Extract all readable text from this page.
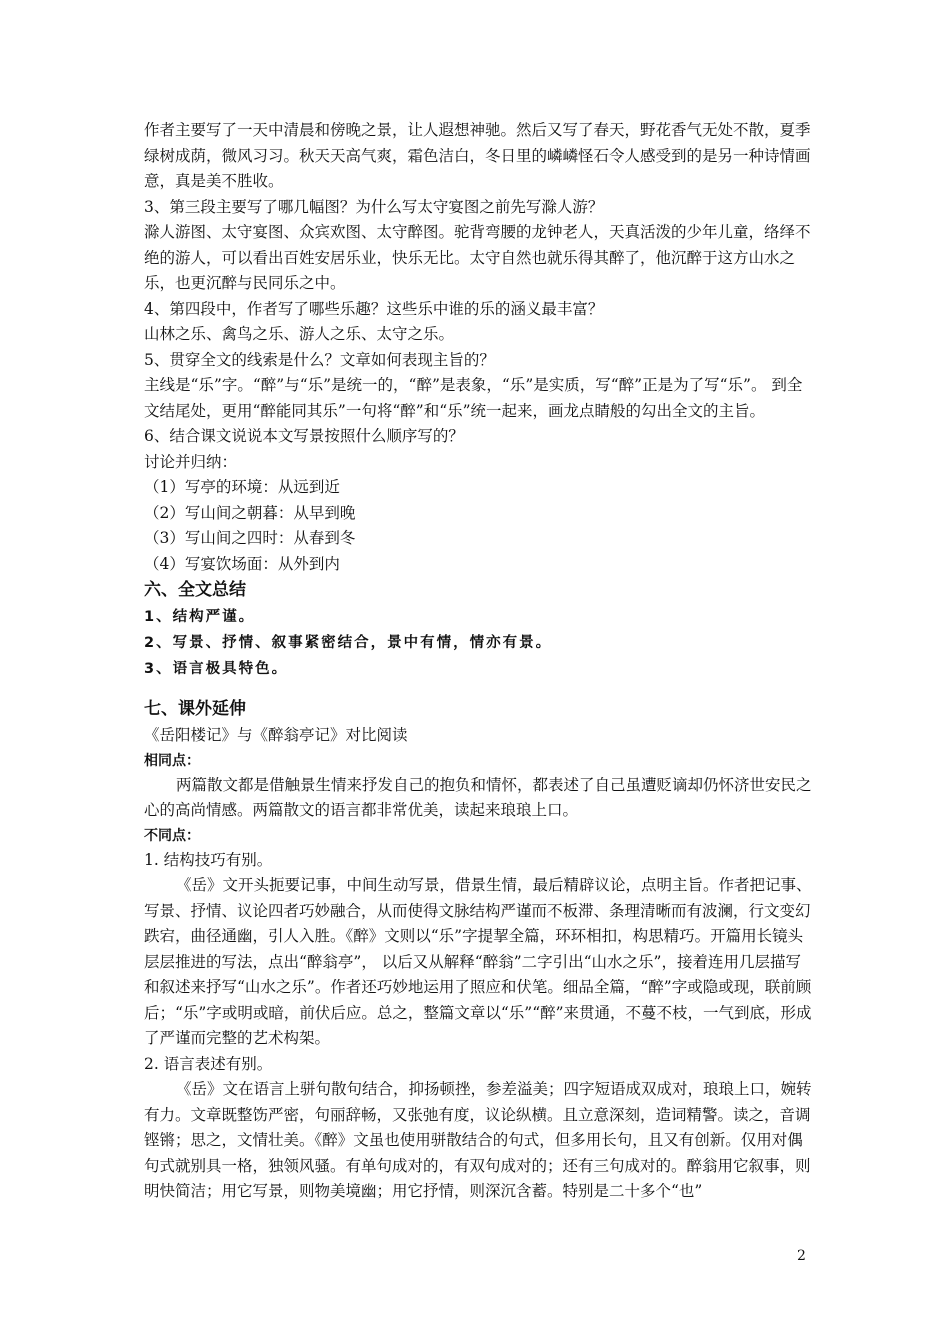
作者主要写了一天中清晨和傍晚之景，让人遐想神驰。然后又写了春天，野花香气无处不散，夏季绿树成荫，微风习习。秋天天高气爽，霜色洁白，冬日里的嶙嶙怪石令人感受到的是另一种诗情画意，真是美不胜收。

3、第三段主要写了哪几幅图？为什么写太守宴图之前先写滁人游？

滁人游图、太守宴图、众宾欢图、太守醉图。驼背弯腰的龙钟老人，天真活泼的少年儿童，络绎不绝的游人，可以看出百姓安居乐业，快乐无比。太守自然也就乐得其醉了，他沉醉于这方山水之乐，也更沉醉与民同乐之中。

4、第四段中，作者写了哪些乐趣？这些乐中谁的乐的涵义最丰富？

山林之乐、禽鸟之乐、游人之乐、太守之乐。

5、贯穿全文的线索是什么？文章如何表现主旨的？

主线是“乐”字。“醉”与“乐”是统一的，“醉”是表象，“乐”是实质，写“醉”正是为了写“乐”。 到全文结尾处，更用“醉能同其乐”一句将“醉”和“乐”统一起来，画龙点睛般的勾出全文的主旨。

6、结合课文说说本文写景按照什么顺序写的？

讨论并归纳：

（1）写亭的环境：从远到近

（2）写山间之朝暮：从早到晚

（3）写山间之四时：从春到冬

（4）写宴饮场面：从外到内

六、全文总结

1、结构严谨。

2、写景、抒情、叙事紧密结合，景中有情，情亦有景。

3、语言极具特色。

七、课外延伸

《岳阳楼记》与《醉翁亭记》对比阅读

相同点：

两篇散文都是借触景生情来抒发自己的抱负和情怀，都表述了自己虽遭贬谪却仍怀济世安民之心的高尚情感。两篇散文的语言都非常优美，读起来琅琅上口。

不同点：

1. 结构技巧有别。

《岳》文开头扼要记事，中间生动写景，借景生情，最后精辟议论，点明主旨。作者把记事、写景、抒情、议论四者巧妙融合，从而使得文脉结构严谨而不板滞、条理清晰而有波澜，行文变幻跌宕，曲径通幽，引人入胜。《醉》文则以“乐”字提挈全篇，环环相扣，构思精巧。开篇用长镜头层层推进的写法，点出“醉翁亭”， 以后又从解释“醉翁”二字引出“山水之乐”，接着连用几层描写和叙述来抒写“山水之乐”。作者还巧妙地运用了照应和伏笔。细品全篇，“醉”字或隐或现，联前顾后；“乐”字或明或暗，前伏后应。总之，整篇文章以“乐”“醉”来贯通，不蔓不枝，一气到底，形成了严谨而完整的艺术构架。

2. 语言表述有别。

《岳》文在语言上骈句散句结合，抑扬顿挫，参差溢美；四字短语成双成对，琅琅上口，婉转有力。文章既整饬严密，句丽辞畅，又张弛有度，议论纵横。且立意深刻，造词精警。读之，音调铿锵；思之，文情壮美。《醉》文虽也使用骈散结合的句式，但多用长句，且又有创新。仅用对偶句式就别具一格，独领风骚。有单句成对的，有双句成对的；还有三句成对的。醉翁用它叙事，则明快简洁；用它写景，则物美境幽；用它抒情，则深沉含蓄。特别是二十多个“也”

2
